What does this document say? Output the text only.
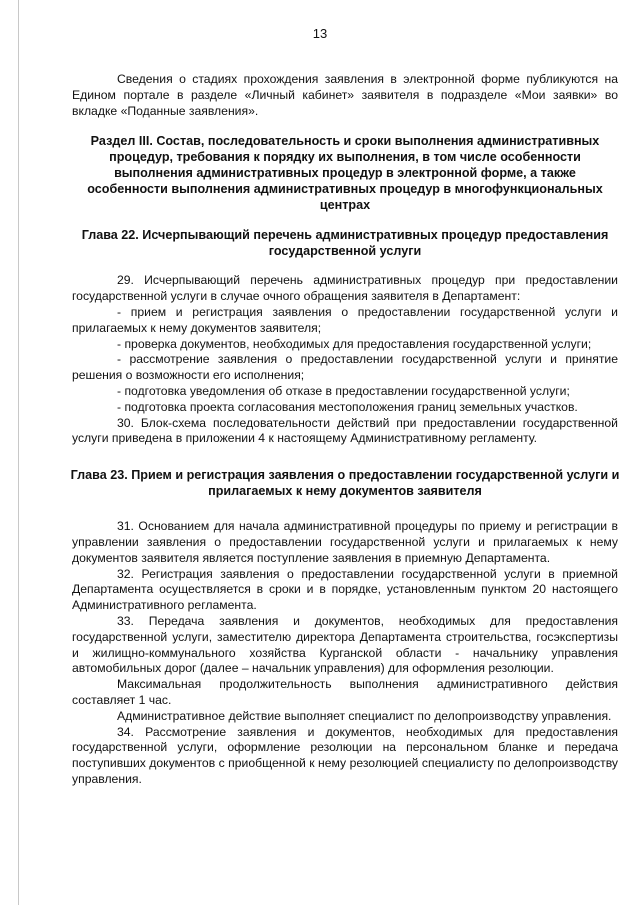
13

Сведения о стадиях прохождения заявления в электронной форме публикуются на Едином портале в разделе «Личный кабинет» заявителя в подразделе «Мои заявки» во вкладке «Поданные заявления».

Раздел III. Состав, последовательность и сроки выполнения административных процедур, требования к порядку их выполнения, в том числе особенности выполнения административных процедур в электронной форме, а также особенности выполнения административных процедур в многофункциональных центрах
Глава 22. Исчерпывающий перечень административных процедур предоставления государственной услуги

29. Исчерпывающий перечень административных процедур при предоставлении государственной услуги в случае очного обращения заявителя в Департамент:

- прием и регистрация заявления о предоставлении государственной услуги и прилагаемых к нему документов заявителя;

- проверка документов, необходимых для предоставления государственной услуги;

- рассмотрение заявления о предоставлении государственной услуги и принятие решения о возможности его исполнения;

- подготовка уведомления об отказе в предоставлении государственной услуги;

- подготовка проекта согласования местоположения границ земельных участков.

30. Блок-схема последовательности действий при предоставлении государственной услуги приведена в приложении 4 к настоящему Административному регламенту.

Глава 23. Прием и регистрация заявления о предоставлении государственной услуги и прилагаемых к нему документов заявителя

31. Основанием для начала административной процедуры по приему и регистрации в управлении заявления о предоставлении государственной услуги и прилагаемых к нему документов заявителя является поступление заявления в приемную Департамента.

32. Регистрация заявления о предоставлении государственной услуги в приемной Департамента осуществляется в сроки и в порядке, установленным пунктом 20 настоящего Административного регламента.

33. Передача заявления и документов, необходимых для предоставления государственной услуги, заместителю директора Департамента строительства, госэкспертизы и жилищно-коммунального хозяйства Курганской области - начальнику управления автомобильных дорог (далее – начальник управления) для оформления резолюции.

Максимальная продолжительность выполнения административного действия составляет 1 час.

Административное действие выполняет специалист по делопроизводству управления.

34. Рассмотрение заявления и документов, необходимых для предоставления государственной услуги, оформление резолюции на персональном бланке и передача поступивших документов с приобщенной к нему резолюцией специалисту по делопроизводству управления.
